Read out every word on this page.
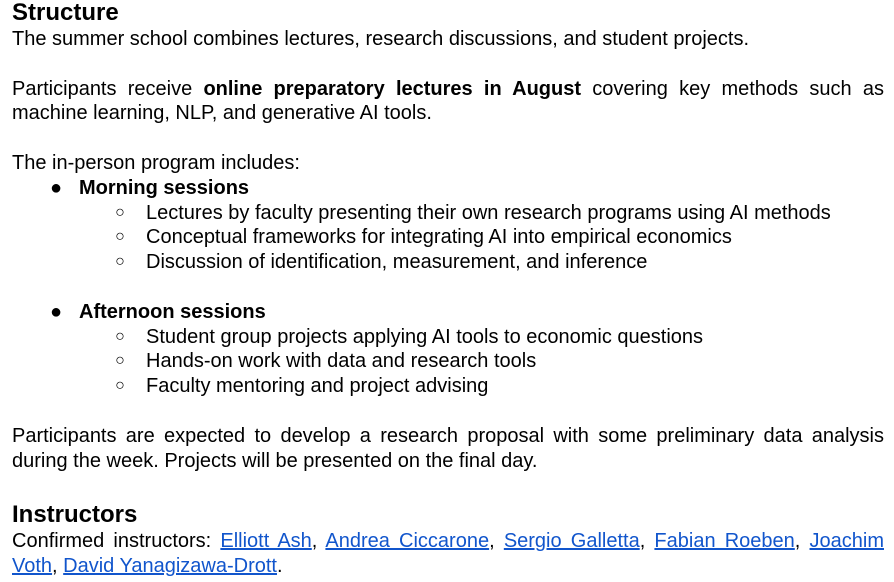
Structure

The summer school combines lectures, research discussions, and student projects.

Participants receive online preparatory lectures in August covering key methods such as machine learning, NLP, and generative AI tools.

The in-person program includes:

● Morning sessions
○ Lectures by faculty presenting their own research programs using AI methods
○ Conceptual frameworks for integrating AI into empirical economics
○ Discussion of identification, measurement, and inference
● Afternoon sessions
○ Student group projects applying AI tools to economic questions
○ Hands-on work with data and research tools
○ Faculty mentoring and project advising

Participants are expected to develop a research proposal with some preliminary data analysis during the week. Projects will be presented on the final day.

Instructors

Confirmed instructors: Elliott Ash, Andrea Ciccarone, Sergio Galletta, Fabian Roeben, Joachim Voth, David Yanagizawa-Drott.
